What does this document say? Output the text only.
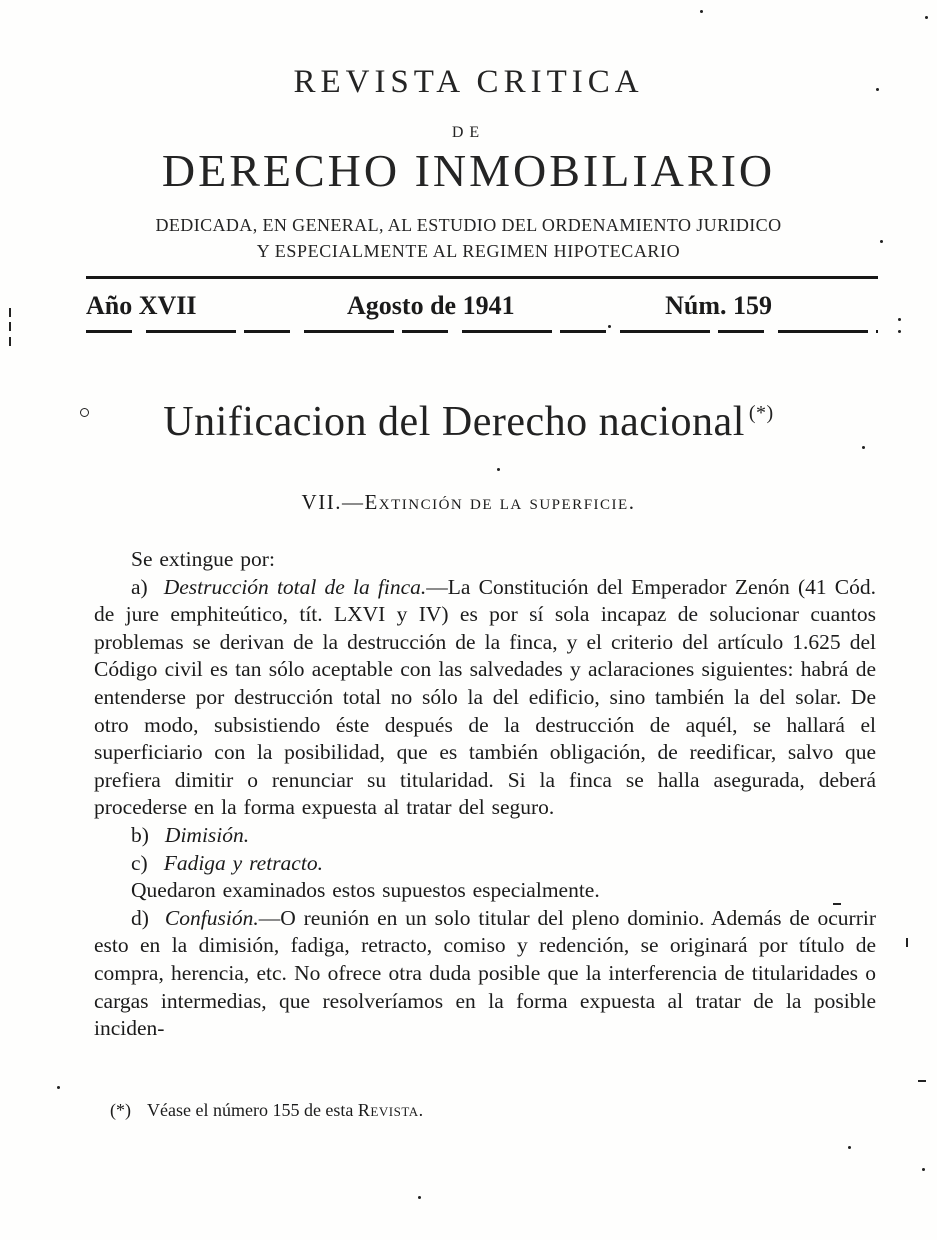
REVISTA CRITICA
DE
DERECHO INMOBILIARIO
DEDICADA, EN GENERAL, AL ESTUDIO DEL ORDENAMIENTO JURIDICO
Y ESPECIALMENTE AL REGIMEN HIPOTECARIO
Año XVII	Agosto de 1941	Núm. 159
Unificacion del Derecho nacional (*)
VII.—Extinción de la superficie.

Se extingue por:

a) Destrucción total de la finca.—La Constitución del Emperador Zenón (41 Cód. de jure emphiteútico, tít. LXVI y IV) es por sí sola incapaz de solucionar cuantos problemas se derivan de la destrucción de la finca, y el criterio del artículo 1.625 del Código civil es tan sólo aceptable con las salvedades y aclaraciones siguientes: habrá de entenderse por destrucción total no sólo la del edificio, sino también la del solar. De otro modo, subsistiendo éste después de la destrucción de aquél, se hallará el superficiario con la posibilidad, que es también obligación, de reedificar, salvo que prefiera dimitir o renunciar su titularidad. Si la finca se halla asegurada, deberá procederse en la forma expuesta al tratar del seguro.

b) Dimisión.

c) Fadiga y retracto.

Quedaron examinados estos supuestos especialmente.

d) Confusión.—O reunión en un solo titular del pleno dominio. Además de ocurrir esto en la dimisión, fadiga, retracto, comiso y redención, se originará por título de compra, herencia, etc. No ofrece otra duda posible que la interferencia de titularidades o cargas intermedias, que resolveríamos en la forma expuesta al tratar de la posible inciden-

(*) Véase el número 155 de esta Revista.
